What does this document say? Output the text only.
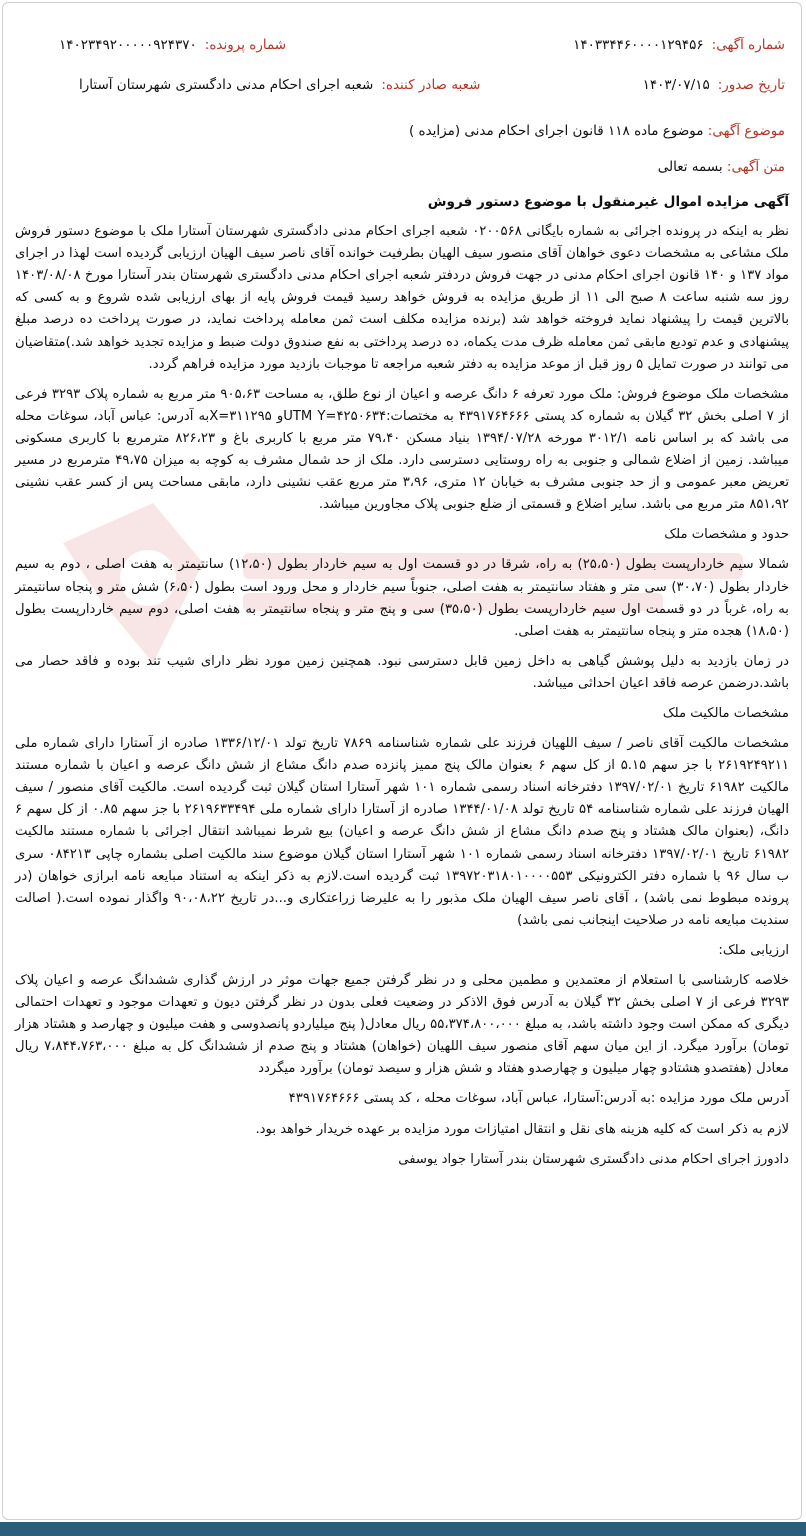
شماره آگهی:
۱۴۰۳۳۴۴۶۰۰۰۰۱۲۹۴۵۶
شماره پرونده:
۱۴۰۲۳۴۹۲۰۰۰۰۰۹۲۴۳۷۰
تاریخ صدور:
۱۴۰۳/۰۷/۱۵
شعبه صادر کننده:
شعبه اجرای احکام مدنی دادگستری شهرستان آستارا
موضوع آگهی: موضوع ماده ۱۱۸ قانون اجرای احکام مدنی (مزایده )
متن آگهی: بسمه تعالی

آگهی مزایده اموال غیرمنقول با موضوع دستور فروش

نظر به اینکه در پرونده اجرائی به شماره بایگانی ۰۲۰۰۵۶۸ شعبه اجرای احکام مدنی دادگستری شهرستان آستارا ملک با موضوع دستور فروش ملک مشاعی به مشخصات دعوی خواهان آقای منصور سیف الهیان بطرفیت خوانده آقای ناصر سیف الهیان ارزیابی گردیده است لهذا در اجرای مواد ۱۳۷ و ۱۴۰ قانون اجرای احکام مدنی در جهت فروش دردفتر شعبه اجرای احکام مدنی دادگستری شهرستان بندر آستارا مورخ ۱۴۰۳/۰۸/۰۸ روز سه شنبه ساعت ۸ صبح الی ۱۱ از طریق مزایده به فروش خواهد رسید قیمت فروش پایه از بهای ارزیابی شده شروع و به کسی که بالاترین قیمت را پیشنهاد نماید فروخته خواهد شد (برنده مزایده مکلف است ثمن معامله پرداخت نماید، در صورت پرداخت ده درصد مبلغ پیشنهادی و عدم تودیع مابقی ثمن معامله ظرف مدت یکماه، ده درصد پرداختی به نفع صندوق دولت ضبط و مزایده تجدید خواهد شد.)متقاضیان می توانند در صورت تمایل ۵ روز قبل از موعد مزایده به دفتر شعبه مراجعه تا موجبات بازدید مورد مزایده فراهم گردد.

مشخصات ملک موضوع فروش: ملک مورد تعرفه ۶ دانگ عرصه و اعیان از نوع طلق، به مساحت ۹۰۵،۶۳ متر مربع به شماره پلاک ۳۲۹۳ فرعی از ۷ اصلی بخش ۳۲ گیلان به شماره کد پستی ۴۳۹۱۷۶۴۶۶۶ به مختصات:UTM Y=۴۲۵۰۶۳۴و X=۳۱۱۲۹۵به آدرس: عباس آباد، سوغات محله می باشد که بر اساس نامه ۳۰۱۲/۱ مورخه ۱۳۹۴/۰۷/۲۸ بنیاد مسکن ۷۹،۴۰ متر مربع با کاربری باغ و ۸۲۶،۲۳ مترمربع با کاربری مسکونی میباشد. زمین از اضلاع شمالی و جنوبی به راه روستایی دسترسی دارد. ملک از حد شمال مشرف به کوچه به میزان ۴۹،۷۵ مترمربع در مسیر تعریض معبر عمومی و از حد جنوبی مشرف به خیابان ۱۲ متری، ۳،۹۶ متر مربع عقب نشینی دارد، مابقی مساحت پس از کسر عقب نشینی ۸۵۱،۹۲ متر مربع می باشد. سایر اضلاع و قسمتی از ضلع جنوبی پلاک مجاورین میباشد.

حدود و مشخصات ملک

شمالا سیم خاردارپست بطول (۲۵،۵۰) به راه، شرقا در دو قسمت اول به سیم خاردار بطول (۱۲،۵۰) سانتیمتر به هفت اصلی ، دوم به سیم خاردار بطول (۳۰،۷۰) سی متر و هفتاد سانتیمتر به هفت اصلی، جنوباً سیم خاردار و محل ورود است بطول (۶،۵۰) شش متر و پنجاه سانتیمتر به راه، غرباً در دو قسمت اول سیم خاردارپست بطول (۳۵،۵۰) سی و پنج متر و پنجاه سانتیمتر به هفت اصلی، دوم سیم خاردارپست بطول (۱۸،۵۰) هجده متر و پنجاه سانتیمتر به هفت اصلی.

در زمان بازدید به دلیل پوشش گیاهی به داخل زمین قابل دسترسی نبود. همچنین زمین مورد نظر دارای شیب تند بوده و فاقد حصار می باشد.درضمن عرصه فاقد اعیان احداثی میباشد.

مشخصات مالکیت ملک

مشخصات مالکیت آقای ناصر / سیف اللهیان فرزند علی شماره شناسنامه ۷۸۶۹ تاریخ تولد ۱۳۳۶/۱۲/۰۱ صادره از آستارا دارای شماره ملی ۲۶۱۹۲۴۹۲۱۱ با جز سهم ۵.۱۵ از کل سهم ۶ بعنوان مالک پنج ممیز پانزده صدم دانگ مشاع از شش دانگ عرصه و اعیان با شماره مستند مالکیت ۶۱۹۸۲ تاریخ ۱۳۹۷/۰۲/۰۱ دفترخانه اسناد رسمی شماره ۱۰۱ شهر آستارا استان گیلان ثبت گردیده است. مالکیت آقای منصور / سیف الهیان فرزند علی شماره شناسنامه ۵۴ تاریخ تولد ۱۳۴۴/۰۱/۰۸ صادره از آستارا دارای شماره ملی ۲۶۱۹۶۳۳۴۹۴ با جز سهم ۰.۸۵ از کل سهم ۶ دانگ، (بعنوان مالک هشتاد و پنج صدم دانگ مشاع از شش دانگ عرصه و اعیان) بیع شرط نمیباشد انتقال اجرائی با شماره مستند مالکیت ۶۱۹۸۲ تاریخ ۱۳۹۷/۰۲/۰۱ دفترخانه اسناد رسمی شماره ۱۰۱ شهر آستارا استان گیلان موضوع سند مالکیت اصلی بشماره چاپی ۰۸۴۲۱۳ سری ب سال ۹۶ با شماره دفتر الکترونیکی ۱۳۹۷۲۰۳۱۸۰۱۰۰۰۰۵۵۳ ثبت گردیده است.لازم به ذکر اینکه به استناد مبایعه نامه ابرازی خواهان (در پرونده مبطوط نمی باشد) ، آقای ناصر سیف الهیان ملک مذبور را به علیرضا زراعتکاری و...در تاریخ ۹۰،۰۸،۲۲ واگذار نموده است.( اصالت سندیت مبایعه نامه در صلاحیت اینجانب نمی باشد)

ارزیابی ملک:

خلاصه کارشناسی با استعلام از معتمدین و مطمین محلی و در نظر گرفتن جمیع جهات موثر در ارزش گذاری ششدانگ عرصه و اعیان پلاک ۳۲۹۳ فرعی از ۷ اصلی بخش ۳۲ گیلان به آدرس فوق الاذکر در وضعیت فعلی بدون در نظر گرفتن دیون و تعهدات موجود و تعهدات احتمالی دیگری که ممکن است وجود داشته باشد، به مبلغ ۵۵،۳۷۴،۸۰۰،۰۰۰ ریال معادل( پنج میلیاردو پانصدوسی و هفت میلیون و چهارصد و هشتاد هزار تومان) برآورد میگرد. از این میان سهم آقای منصور سیف اللهیان (خواهان) هشتاد و پنج صدم از ششدانگ کل به مبلغ ۷،۸۴۴،۷۶۳،۰۰۰ ریال معادل (هفتصدو هشتادو چهار میلیون و چهارصدو هفتاد و شش هزار و سیصد تومان) برآورد میگردد

آدرس ملک مورد مزایده :به آدرس:آستارا، عباس آباد، سوغات محله ، کد پستی ۴۳۹۱۷۶۴۶۶۶

لازم به ذکر است که کلیه هزینه های نقل و انتقال امتیازات مورد مزایده بر عهده خریدار خواهد بود.

دادورز اجرای احکام مدنی دادگستری شهرستان بندر آستارا جواد یوسفی
